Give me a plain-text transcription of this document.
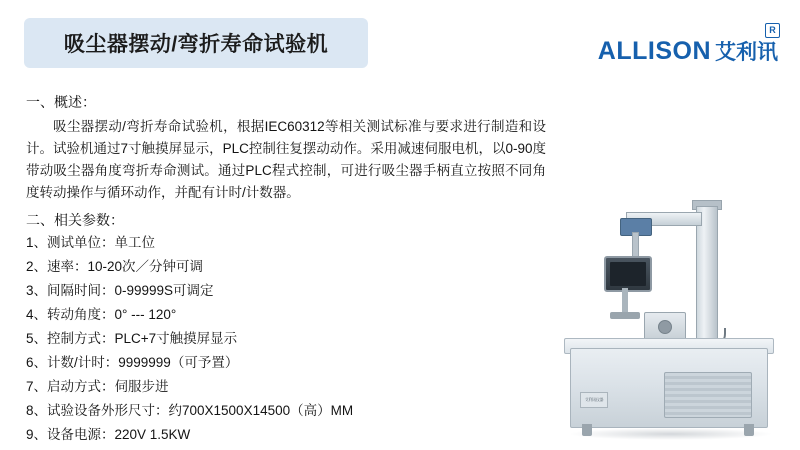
吸尘器摆动/弯折寿命试验机	ALLISON 艾利讯
R

一、概述：

吸尘器摆动/弯折寿命试验机，根据IEC60312等相关测试标准与要求进行制造和设计。试验机通过7寸触摸屏显示，PLC控制往复摆动动作。采用减速伺服电机，以0-90度带动吸尘器角度弯折寿命测试。通过PLC程式控制，可进行吸尘器手柄直立按照不同角度转动操作与循环动作，并配有计时/计数器。

二、相关参数：

1、测试单位：单工位
2、速率：10-20次／分钟可调
3、间隔时间：0-99999S可调定
4、转动角度：0° --- 120°
5、控制方式：PLC+7寸触摸屏显示
6、计数/计时：9999999（可予置）
7、启动方式：伺服步进
8、试验设备外形尺寸：约700X1500X14500（高）MM
9、设备电源：220V 1.5KW
艾利讯仪器
